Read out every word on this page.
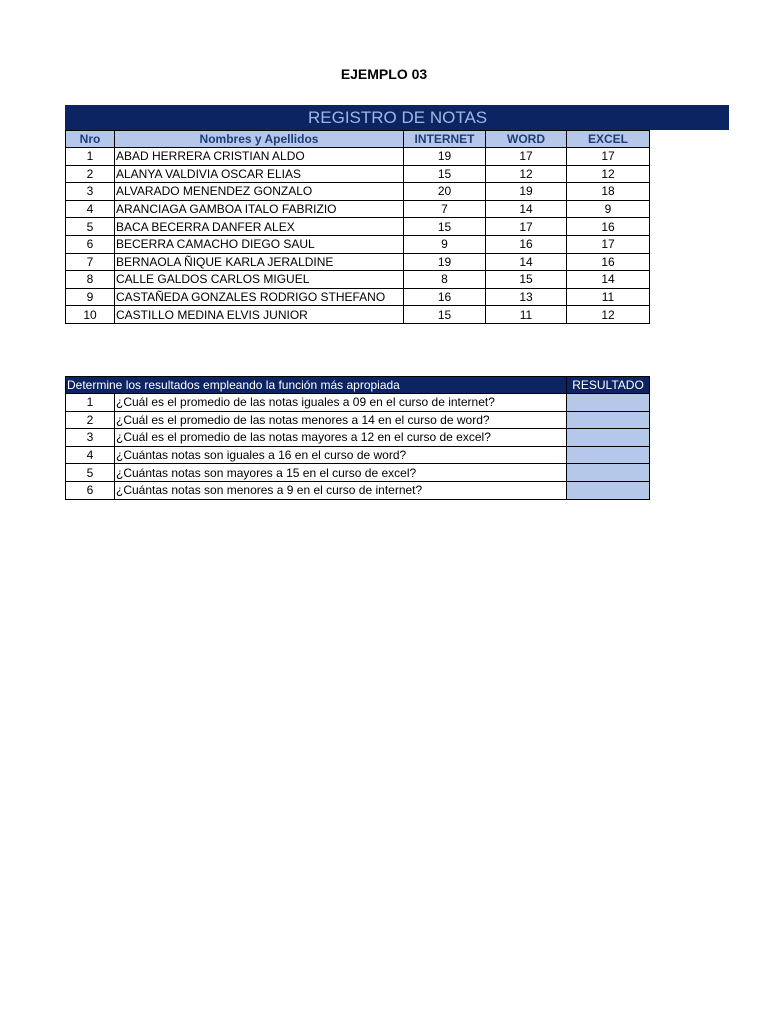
EJEMPLO 03
REGISTRO DE NOTAS
Nro	Nombres y Apellidos	INTERNET	WORD	EXCEL
1	ABAD HERRERA CRISTIAN ALDO	19	17	17
2	ALANYA VALDIVIA OSCAR ELIAS	15	12	12
3	ALVARADO MENENDEZ GONZALO	20	19	18
4	ARANCIAGA GAMBOA ITALO FABRIZIO	7	14	9
5	BACA BECERRA DANFER ALEX	15	17	16
6	BECERRA CAMACHO DIEGO SAUL	9	16	17
7	BERNAOLA ÑIQUE KARLA JERALDINE	19	14	16
8	CALLE GALDOS CARLOS MIGUEL	8	15	14
9	CASTAÑEDA GONZALES RODRIGO STHEFANO	16	13	11
10	CASTILLO MEDINA ELVIS JUNIOR	15	11	12
Determine los resultados empleando la función más apropiada		RESULTADO
1	¿Cuál es el promedio de las notas iguales a 09 en el curso de internet?	
2	¿Cuál es el promedio de las notas menores a 14 en el curso de word?	
3	¿Cuál es el promedio de las notas mayores a 12 en el curso de excel?	
4	¿Cuántas notas son iguales a 16 en el curso de word?	
5	¿Cuántas notas son mayores a 15 en el curso de excel?	
6	¿Cuántas notas son menores a 9 en el curso de internet?	
